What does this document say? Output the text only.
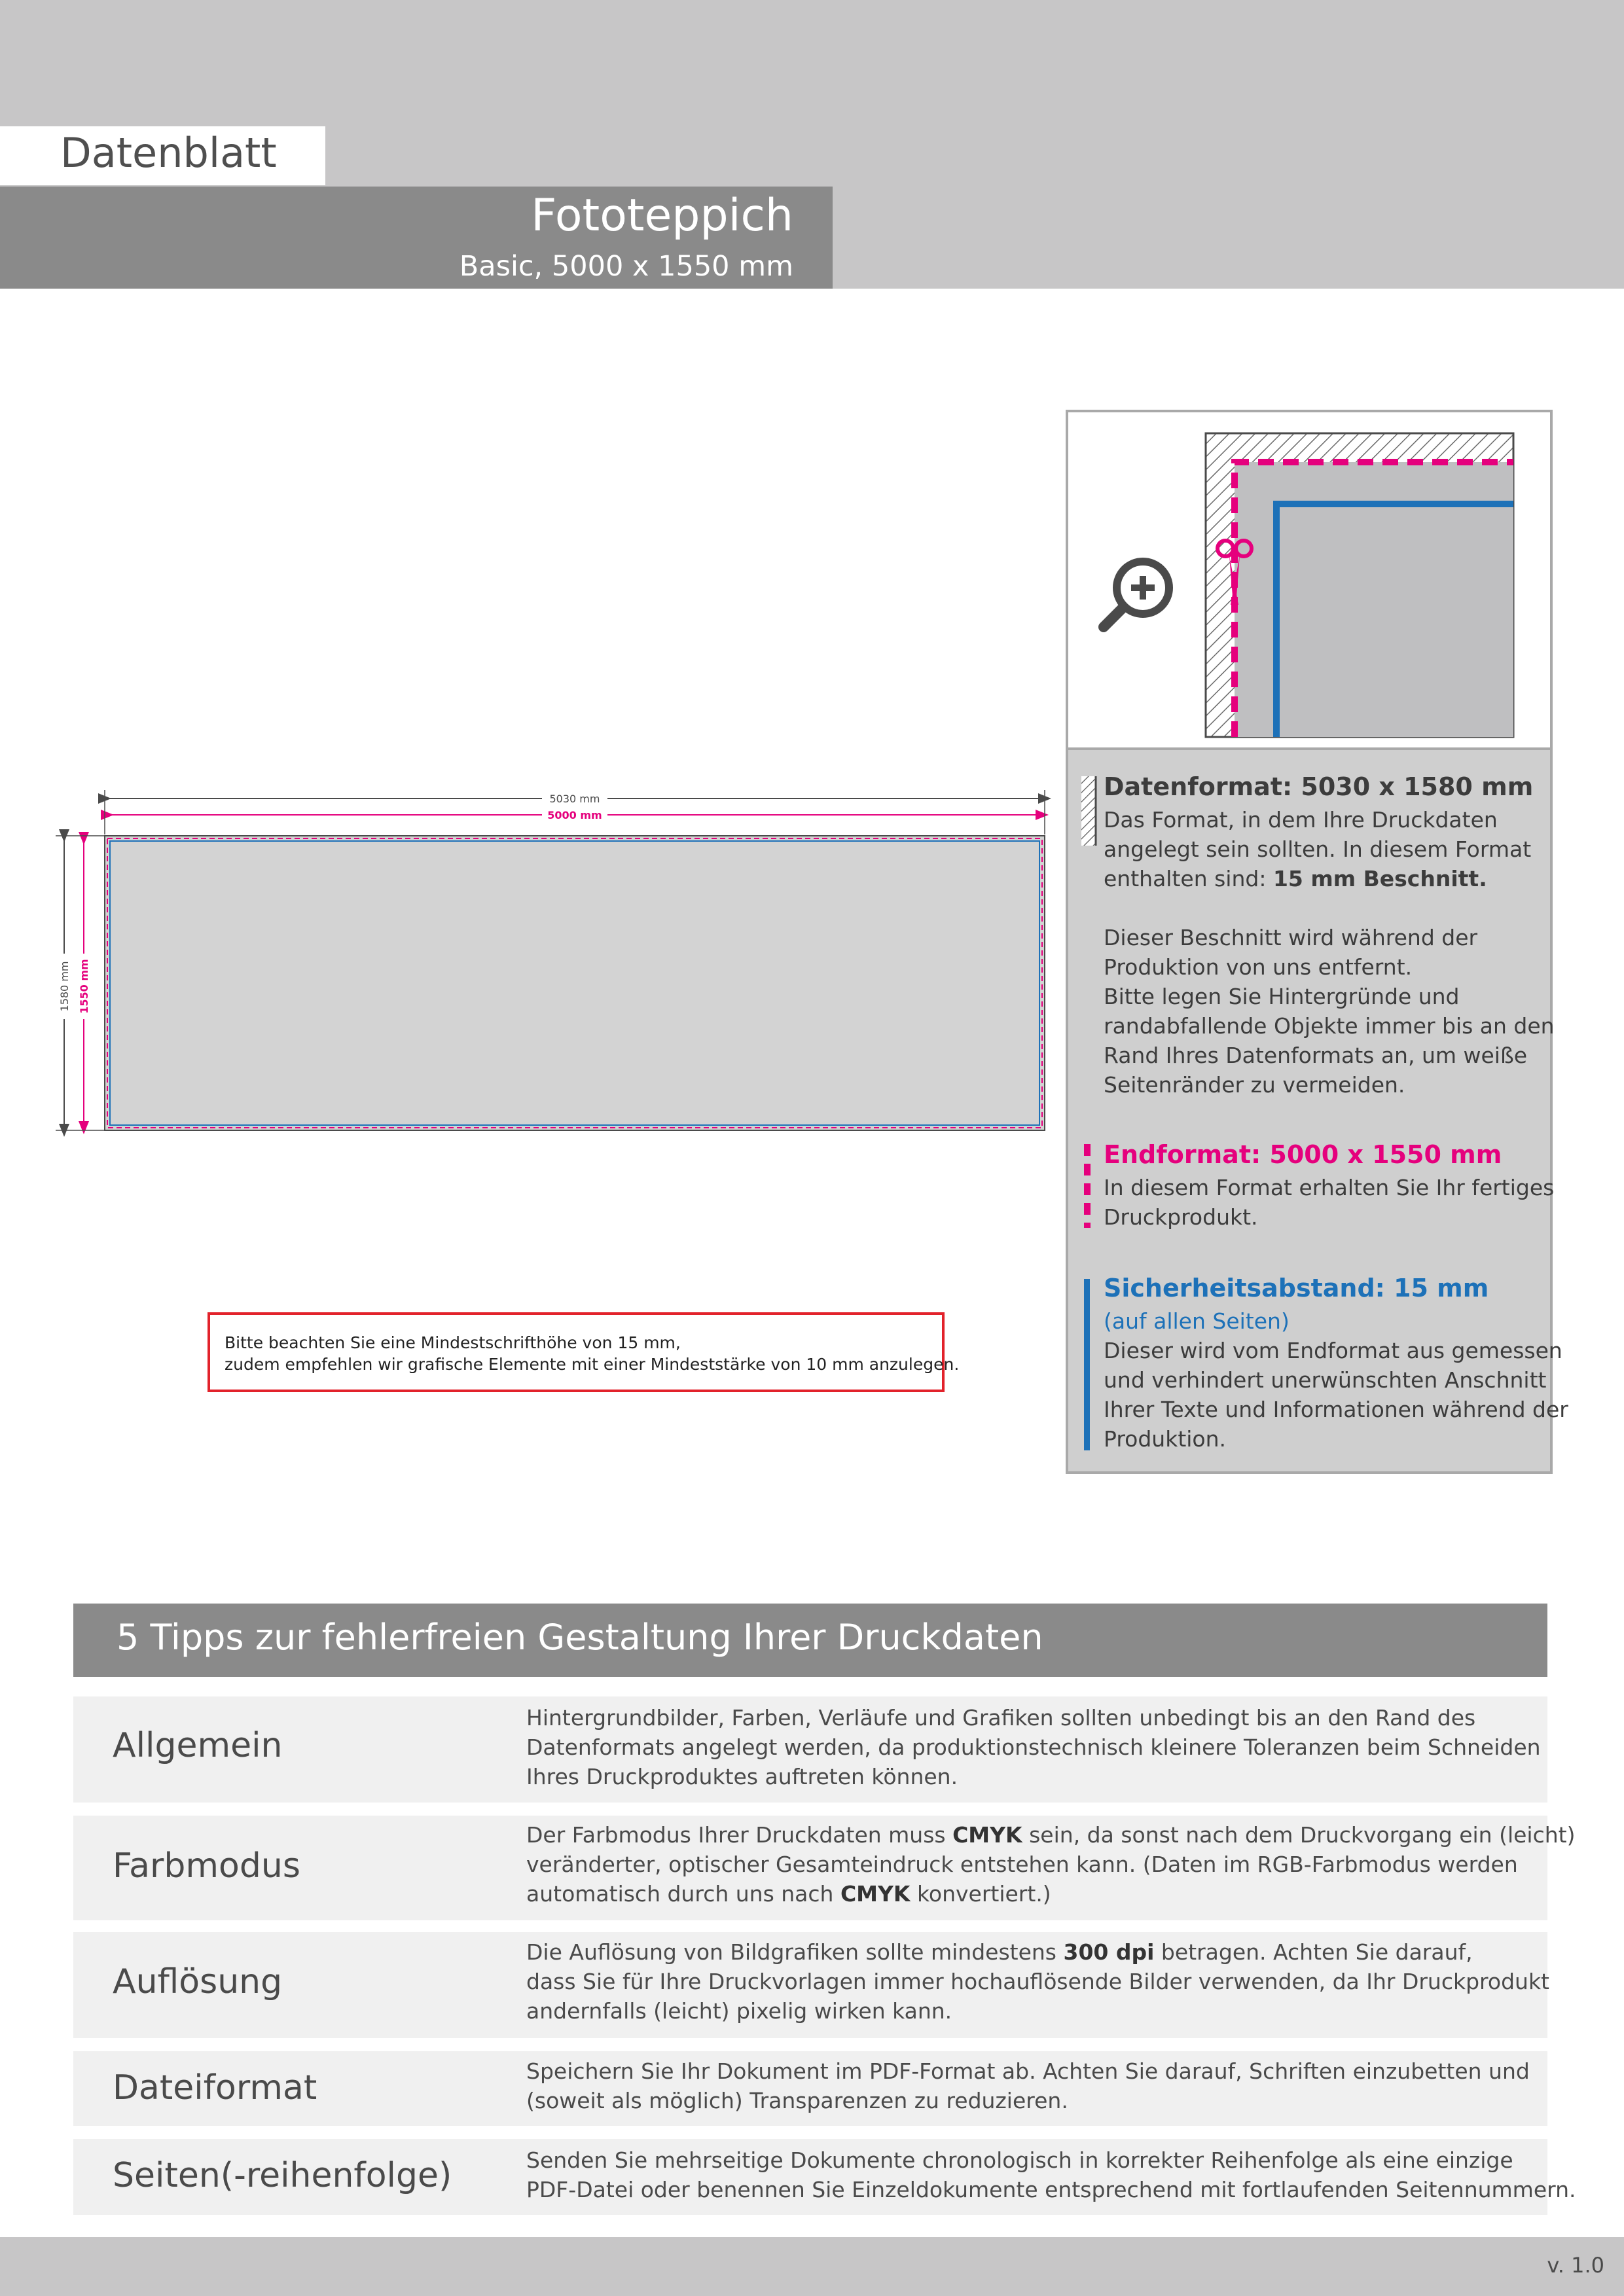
Datenblatt
Fototeppich
Basic, 5000 x 1550 mm
5030 mm
5000 mm
1580 mm 1550 mm
Bitte beachten Sie eine Mindestschrifthöhe von 15 mm,
zudem empfehlen wir grafische Elemente mit einer Mindeststärke von 10 mm anzulegen.
Datenformat: 5030 x 1580 mm
Das Format, in dem Ihre Druckdaten
angelegt sein sollten. In diesem Format
enthalten sind: 15 mm Beschnitt.
Dieser Beschnitt wird während der
Produktion von uns entfernt.
Bitte legen Sie Hintergründe und
randabfallende Objekte immer bis an den
Rand Ihres Datenformats an, um weiße
Seitenränder zu vermeiden.
Endformat: 5000 x 1550 mm
In diesem Format erhalten Sie Ihr fertiges
Druckprodukt.
Sicherheitsabstand: 15 mm
(auf allen Seiten)
Dieser wird vom Endformat aus gemessen
und verhindert unerwünschten Anschnitt
Ihrer Texte und Informationen während der
Produktion.
5 Tipps zur fehlerfreien Gestaltung Ihrer Druckdaten
Allgemein
Hintergrundbilder, Farben, Verläufe und Grafiken sollten unbedingt bis an den Rand des
Datenformats angelegt werden, da produktionstechnisch kleinere Toleranzen beim Schneiden
Ihres Druckproduktes auftreten können.
Farbmodus
Der Farbmodus Ihrer Druckdaten muss CMYK sein, da sonst nach dem Druckvorgang ein (leicht)
veränderter, optischer Gesamteindruck entstehen kann. (Daten im RGB-Farbmodus werden
automatisch durch uns nach CMYK konvertiert.)
Auflösung
Die Auflösung von Bildgrafiken sollte mindestens 300 dpi betragen. Achten Sie darauf,
dass Sie für Ihre Druckvorlagen immer hochauflösende Bilder verwenden, da Ihr Druckprodukt
andernfalls (leicht) pixelig wirken kann.
Dateiformat	Speichern Sie Ihr Dokument im PDF-Format ab. Achten Sie darauf, Schriften einzubetten und
(soweit als möglich) Transparenzen zu reduzieren.
Seiten(-reihenfolge)	Senden Sie mehrseitige Dokumente chronologisch in korrekter Reihenfolge als eine einzige
PDF-Datei oder benennen Sie Einzeldokumente entsprechend mit fortlaufenden Seitennummern.
v. 1.0
